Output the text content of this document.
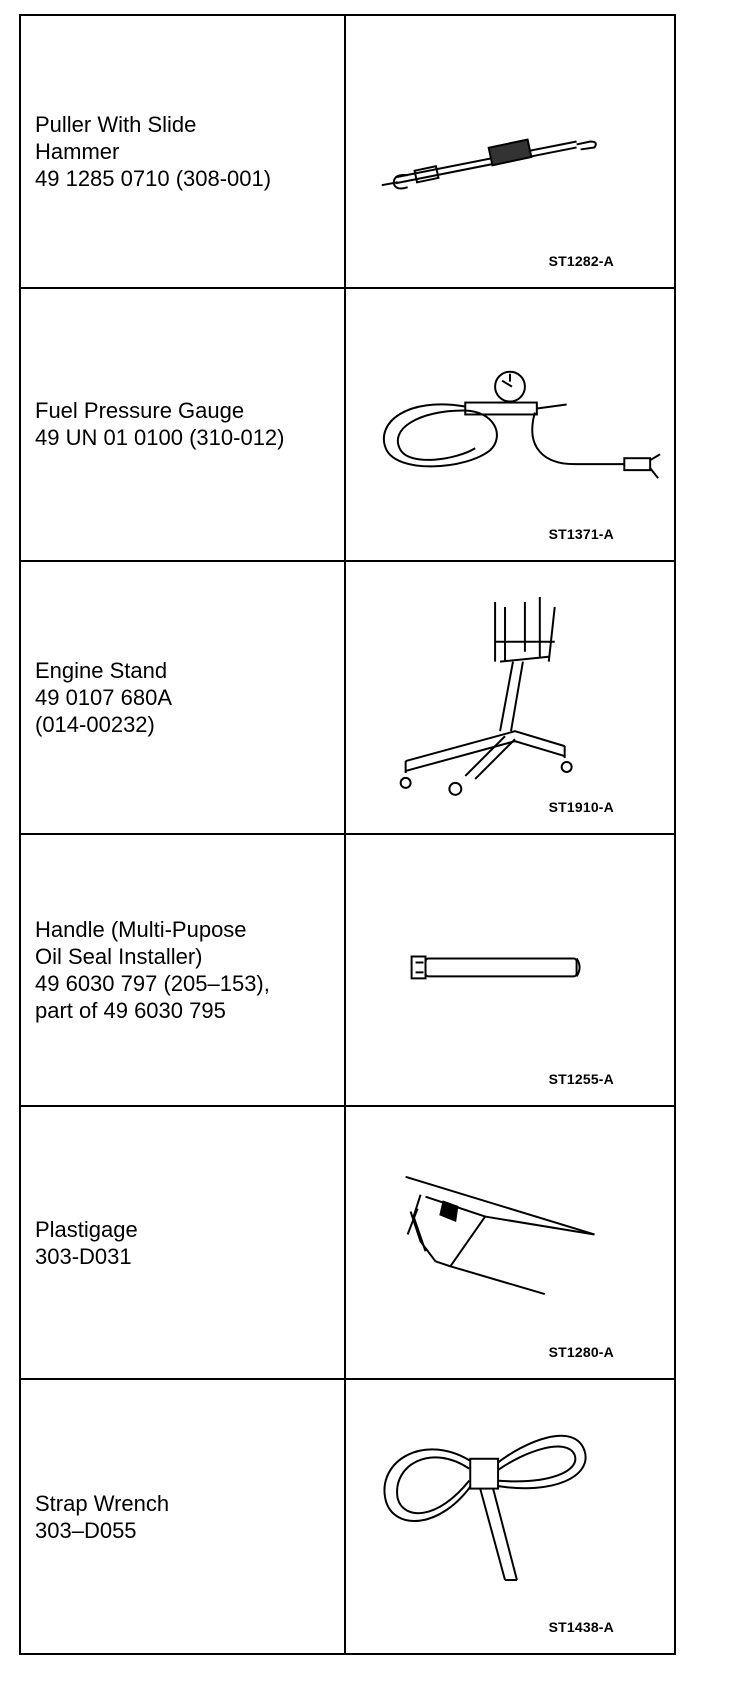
Puller With Slide
Hammer
49 1285 0710 (308-001)
ST1282-A
Fuel Pressure Gauge
49 UN 01 0100 (310-012)
ST1371-A
Engine Stand
49 0107 680A
(014-00232)
ST1910-A
Handle (Multi-Pupose
Oil Seal Installer)
49 6030 797 (205–153),
part of 49 6030 795
ST1255-A
Plastigage
303-D031
ST1280-A
Strap Wrench
303–D055
ST1438-A
